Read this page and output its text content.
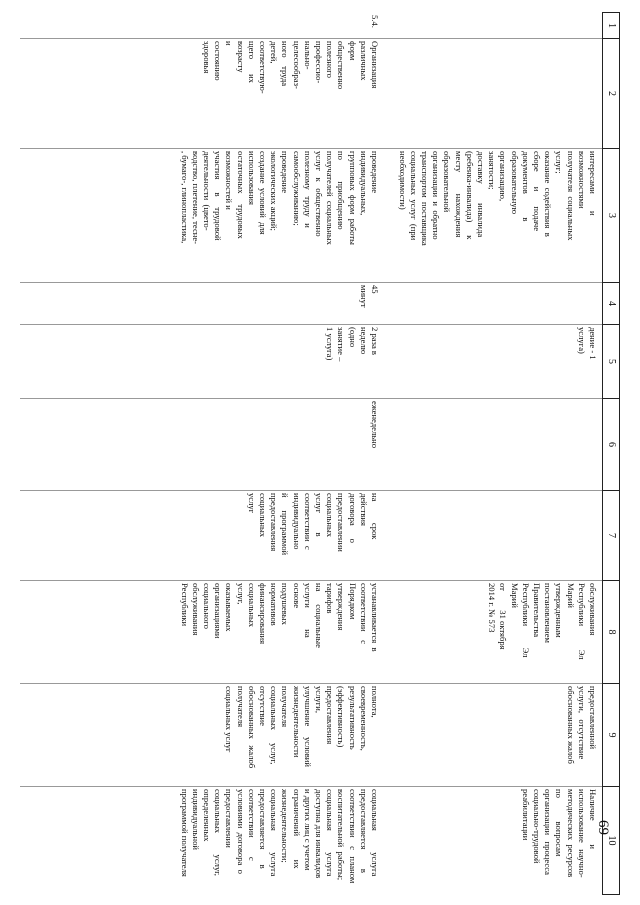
1
2
3
4
5
6
7
8
9
10
интересами        и
возможностями
получателя  социальных
услуг;
оказание  содействия  в
сборе       и       подаче
документов           в
образовательную
организацию,
занятости;
доставку         инвалида
(ребенка-инвалида)      к
месту          нахождения
образовательной
организации  и  обратно
транспортом  поставщика
социальных  услуг  (при
необходимости)
дение - 1
услуга)
обслуживания
Республики           Эл
Марий
утвержденным
постановлением
Правительства
Республики          Эл
Марий
от         31 октября
2014 г. № 573
предоставленной
услуги,   отсутствие
обоснованных жалоб
Наличие           и
использование   научно-
методических  ресурсов
по           вопросам
организации   процесса
социально-трудовой
реабилитации
5.4.
Организация
различных
форм
общественно
полезного
профессио-
нально-
целесообраз-
ного    труда
детей,
соответствую-
щего       их
возрасту
и
состоянию
здоровья
проведение
индивидуальных,
групповых  форм  работы
по          приобщению
получателей  социальных
услуг   к   общественно
полезному   труду   и
самообслуживанию;
проведение
экологических акций;
создание  условий  для
использования
остаточных     трудовых
возможностей и
участия      в     трудовой
деятельности  (цвето-
водство, плетение, тесне-
, бумаго-, глинопластика,
45
минут
2 раза в
неделю
(одно
занятие –
1 услуга)
еженедельно
на          срок
действия
договора      о
предоставлении
социальных
услуг         в
соответствии  с
индивидуально
й      программой
предоставления
социальных
услуг
устанавливается  в
соответствии    с
Порядком
утверждения
тарифов
на      социальные
услуги          на
основе
подушевых
нормативов
финансирования
социальных
услуг,
оказываемых
организациями
социального
обслуживания
Республики
полнота,
своевременность,
результативность
(эффективность)
предоставления
услуги,
улучшение     условий
жизнедеятельности
получателя
социальных      услуг,
отсутствие
обоснованных   жалоб
получателя
социальных услуг
социальная          услуга
предоставляется         в
соответствии    с   планом
воспитательной  работы;
социальная          услуга
доступна для инвалидов
и других лиц с учетом
ограничений           их
жизнедеятельности;
социальная          услуга
предоставляется       в
соответствии         с
условиями  договора  о
предоставлении
социальных          услуг,
определенных
индивидуальной
программой получателя
69
